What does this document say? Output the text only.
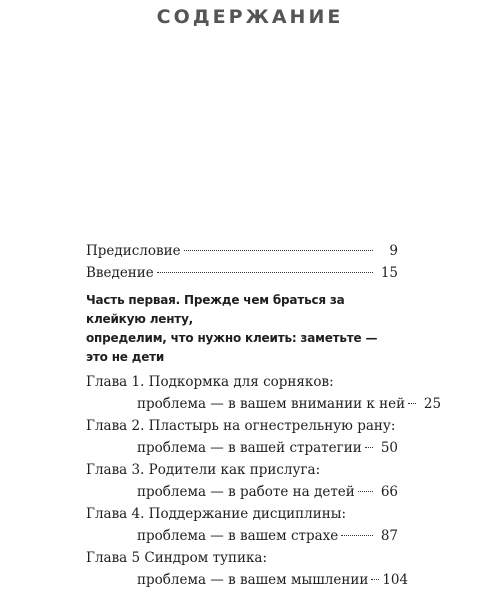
СОДЕРЖАНИЕ
Предисловие	9
Введение	15
Часть первая. Прежде чем браться за клейкую ленту,
определим, что нужно клеить: заметьте — это не дети
Глава 1. Подкормка для сорняков:
проблема — в вашем внимании к ней	25
Глава 2. Пластырь на огнестрельную рану:
проблема — в вашей стратегии	50
Глава 3. Родители как прислуга:
проблема — в работе на детей	66
Глава 4. Поддержание дисциплины:
проблема — в вашем страхе	87
Глава 5 Синдром тупика:
проблема — в вашем мышлении 104
